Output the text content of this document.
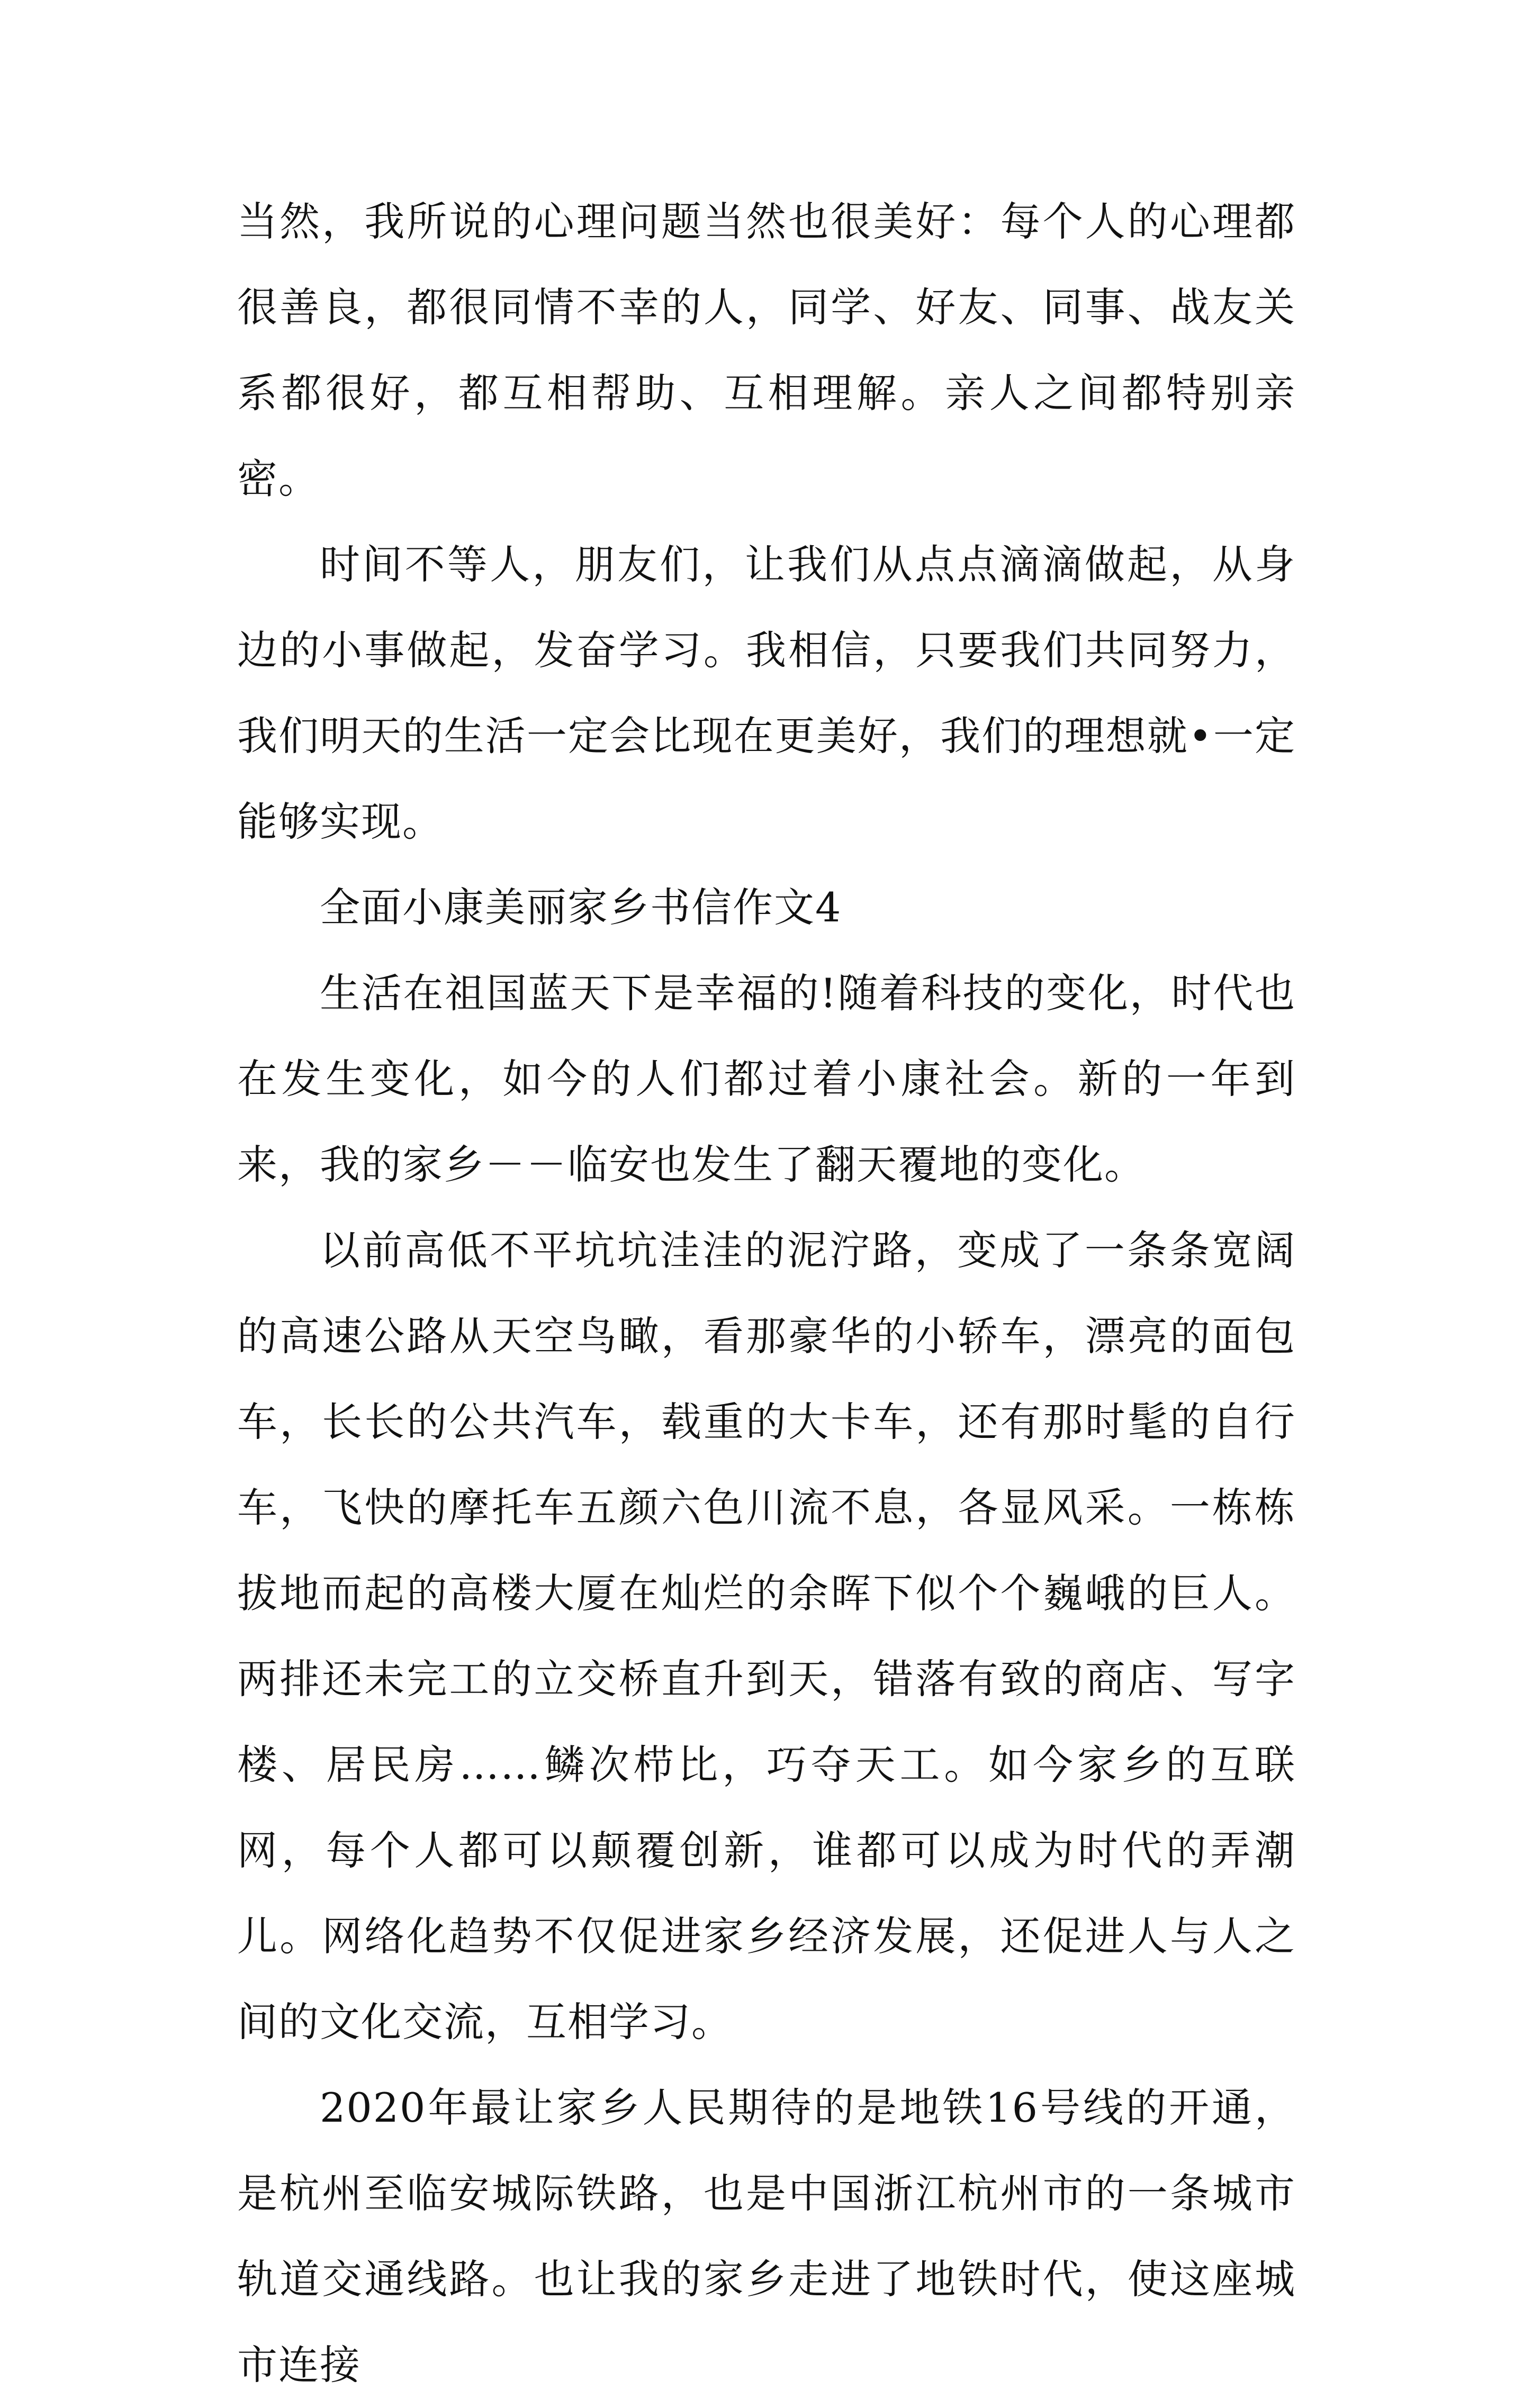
当然，我所说的心理问题当然也很美好：每个人的心理都很善良，都很同情不幸的人，同学、好友、同事、战友关系都很好，都互相帮助、互相理解。亲人之间都特别亲密。

时间不等人，朋友们，让我们从点点滴滴做起，从身边的小事做起，发奋学习。我相信，只要我们共同努力，我们明天的生活一定会比现在更美好，我们的理想就•一定能够实现。

全面小康美丽家乡书信作文4

生活在祖国蓝天下是幸福的!随着科技的变化，时代也在发生变化，如今的人们都过着小康社会。新的一年到来，我的家乡－－临安也发生了翻天覆地的变化。

以前高低不平坑坑洼洼的泥泞路，变成了一条条宽阔的高速公路从天空鸟瞰，看那豪华的小轿车，漂亮的面包车，长长的公共汽车，载重的大卡车，还有那时髦的自行车，飞快的摩托车五颜六色川流不息，各显风采。一栋栋拔地而起的高楼大厦在灿烂的余晖下似个个巍峨的巨人。两排还未完工的立交桥直升到天，错落有致的商店、写字楼、居民房……鳞次栉比，巧夺天工。如今家乡的互联网，每个人都可以颠覆创新，谁都可以成为时代的弄潮儿。网络化趋势不仅促进家乡经济发展，还促进人与人之间的文化交流，互相学习。

2020年最让家乡人民期待的是地铁16号线的开通，是杭州至临安城际铁路，也是中国浙江杭州市的一条城市轨道交通线路。也让我的家乡走进了地铁时代，使这座城市连接
